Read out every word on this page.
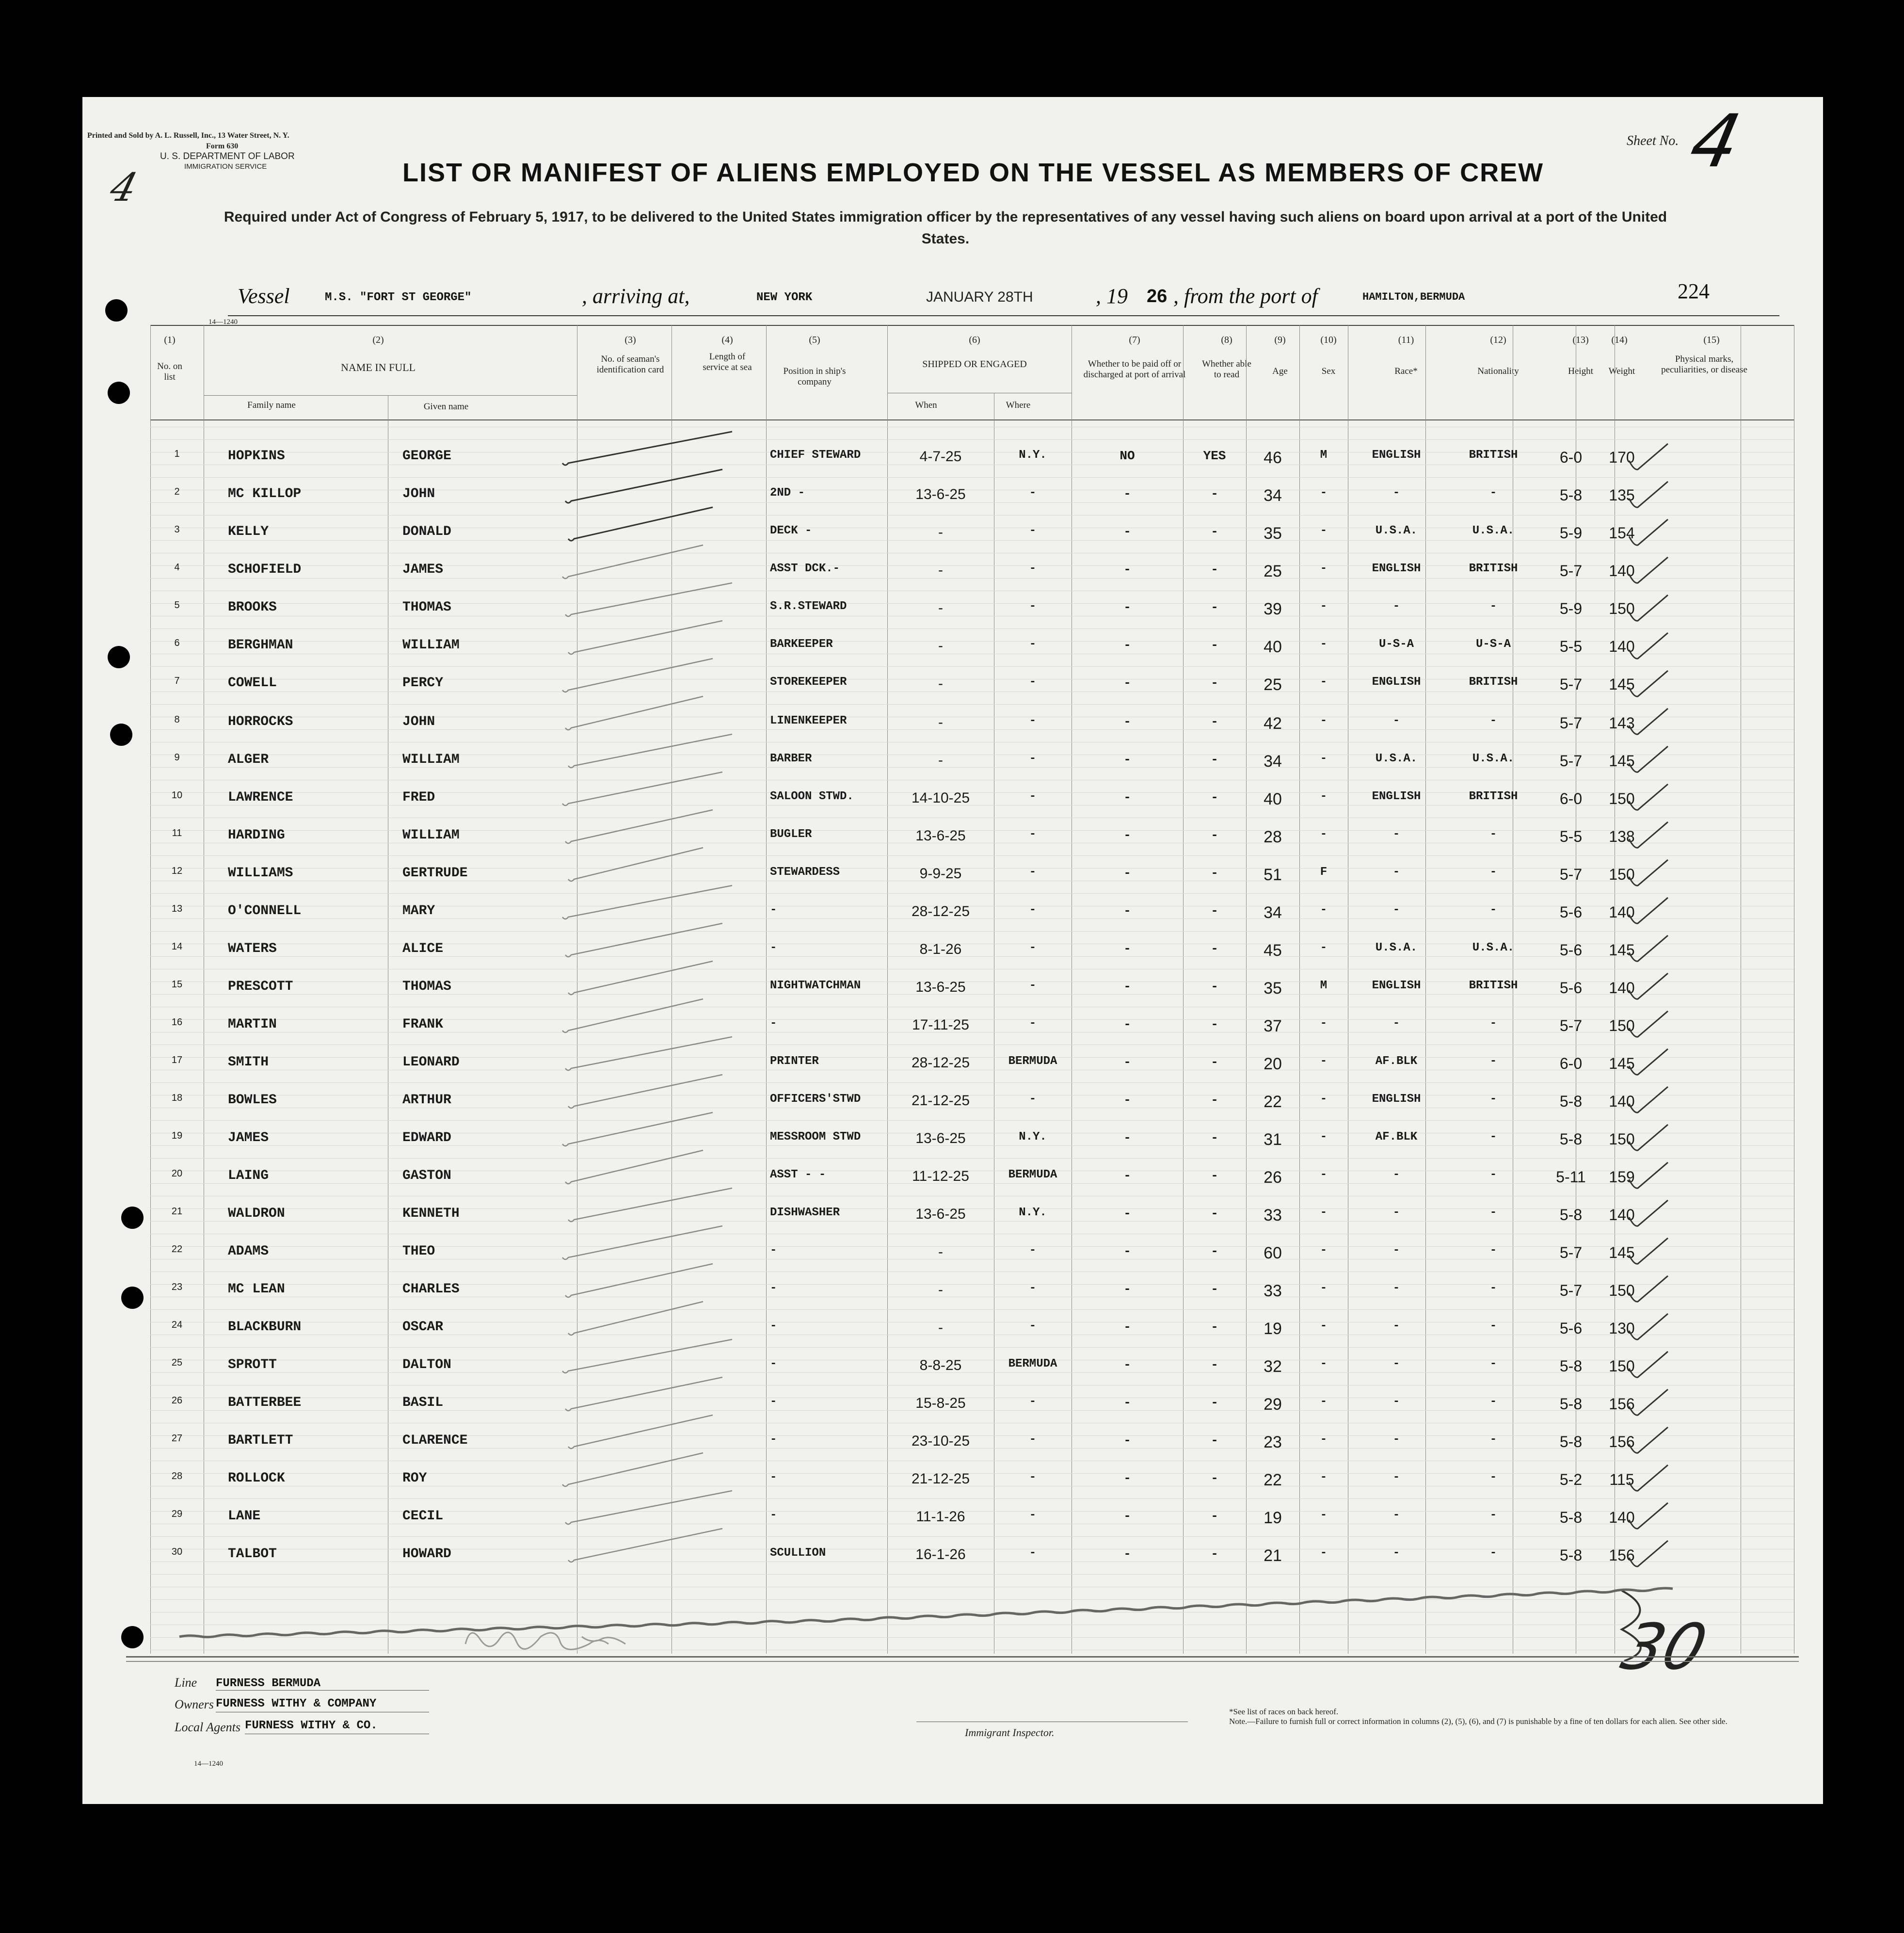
Printed and Sold by A. L. Russell, Inc., 13 Water Street, N. Y.
Form 630
U. S. DEPARTMENT OF LABOR
IMMIGRATION SERVICE
4
Sheet No. 4
LIST OR MANIFEST OF ALIENS EMPLOYED ON THE VESSEL AS MEMBERS OF CREW
Required under Act of Congress of February 5, 1917, to be delivered to the United States immigration officer by the representatives of any vessel having such aliens on board upon arrival at a port of the United States.
Vessel	M.S. "FORT ST GEORGE"	, arriving at,	NEW YORK	JANUARY 28TH	, 19 26 , from the port of	HAMILTON,BERMUDA	224
14—1240
(1)
No. on list
(2)
NAME IN FULL
Family name	Given name
(3)
No. of seaman's identification card
(4)
Length of service at sea
(5)
Position in ship's company
(6)
SHIPPED OR ENGAGED
When	Where
(7)
Whether to be paid off or discharged at port of arrival
(8)
Whether able to read
(9)
Age
(10)
Sex
(11)
Race*
(12)
Nationality
(13)
Height
(14)
Weight
(15)
Physical marks, peculiarities, or disease
1	HOPKINS	GEORGE	CHIEF STEWARD	4-7-25	N.Y.	NO	YES	46	M	ENGLISH	BRITISH	6-0	170
2	MC KILLOP	JOHN	2ND -	13-6-25	-	-	-	34	-	-	-	5-8	135
3	KELLY	DONALD	DECK -	-	-	-	-	35	-	U.S.A.	U.S.A.	5-9	154
4	SCHOFIELD	JAMES	ASST DCK.-	-	-	-	-	25	-	ENGLISH	BRITISH	5-7	140
5	BROOKS	THOMAS	S.R.STEWARD	-	-	-	-	39	-	-	-	5-9	150
6	BERGHMAN	WILLIAM	BARKEEPER	-	-	-	-	40	-	U-S-A	U-S-A	5-5	140
7	COWELL	PERCY	STOREKEEPER	-	-	-	-	25	-	ENGLISH	BRITISH	5-7	145
8	HORROCKS	JOHN	LINENKEEPER	-	-	-	-	42	-	-	-	5-7	143
9	ALGER	WILLIAM	BARBER	-	-	-	-	34	-	U.S.A.	U.S.A.	5-7	145
10	LAWRENCE	FRED	SALOON STWD.	14-10-25	-	-	-	40	-	ENGLISH	BRITISH	6-0	150
11	HARDING	WILLIAM	BUGLER	13-6-25	-	-	-	28	-	-	-	5-5	138
12	WILLIAMS	GERTRUDE	STEWARDESS	9-9-25	-	-	-	51	F	-	-	5-7	150
13	O'CONNELL	MARY	-	28-12-25	-	-	-	34	-	-	-	5-6	140
14	WATERS	ALICE	-	8-1-26	-	-	-	45	-	U.S.A.	U.S.A.	5-6	145
15	PRESCOTT	THOMAS	NIGHTWATCHMAN	13-6-25	-	-	-	35	M	ENGLISH	BRITISH	5-6	140
16	MARTIN	FRANK	-	17-11-25	-	-	-	37	-	-	-	5-7	150
17	SMITH	LEONARD	PRINTER	28-12-25	BERMUDA	-	-	20	-	AF.BLK	-	6-0	145
18	BOWLES	ARTHUR	OFFICERS'STWD	21-12-25	-	-	-	22	-	ENGLISH	-	5-8	140
19	JAMES	EDWARD	MESSROOM STWD	13-6-25	N.Y.	-	-	31	-	AF.BLK	-	5-8	150
20	LAING	GASTON	ASST - -	11-12-25	BERMUDA	-	-	26	-	-	-	5-11	159
21	WALDRON	KENNETH	DISHWASHER	13-6-25	N.Y.	-	-	33	-	-	-	5-8	140
22	ADAMS	THEO	-	-	-	-	-	60	-	-	-	5-7	145
23	MC LEAN	CHARLES	-	-	-	-	-	33	-	-	-	5-7	150
24	BLACKBURN	OSCAR	-	-	-	-	-	19	-	-	-	5-6	130
25	SPROTT	DALTON	-	8-8-25	BERMUDA	-	-	32	-	-	-	5-8	150
26	BATTERBEE	BASIL	-	15-8-25	-	-	-	29	-	-	-	5-8	156
27	BARTLETT	CLARENCE	-	23-10-25	-	-	-	23	-	-	-	5-8	156
28	ROLLOCK	ROY	-	21-12-25	-	-	-	22	-	-	-	5-2	115
29	LANE	CECIL	-	11-1-26	-	-	-	19	-	-	-	5-8	140
30	TALBOT	HOWARD	SCULLION	16-1-26	-	-	-	21	-	-	-	5-8	156
30
Line FURNESS BERMUDA
Owners FURNESS WITHY & COMPANY
Local Agents FURNESS WITHY & CO.
Immigrant Inspector.
*See list of races on back hereof.
Note.—Failure to furnish full or correct information in columns (2), (5), (6), and (7) is punishable by a fine of ten dollars for each alien. See other side.
14—1240
